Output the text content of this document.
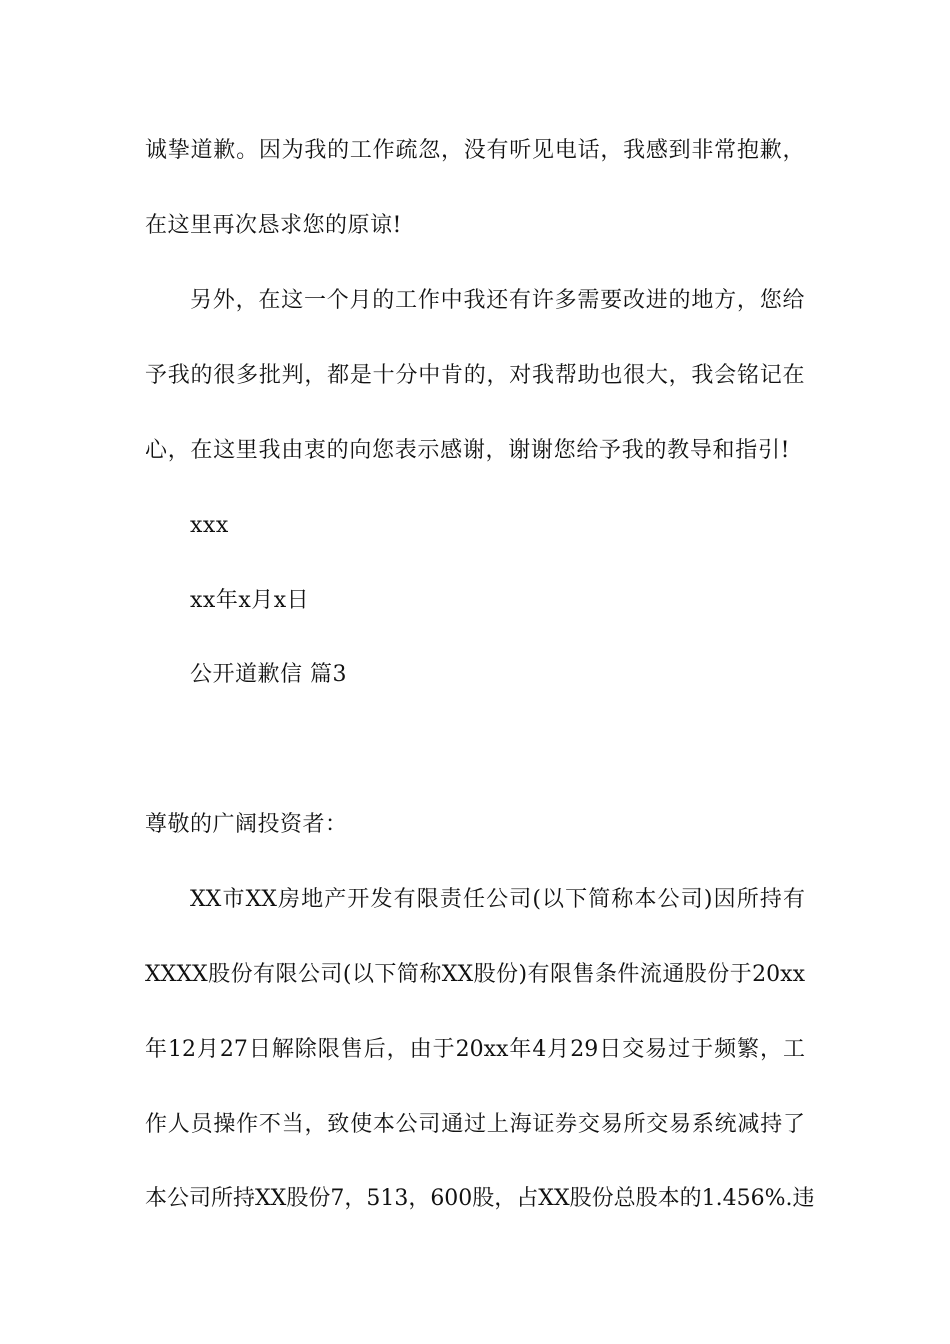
诚挚道歉。因为我的工作疏忽，没有听见电话，我感到非常抱歉，
在这里再次恳求您的原谅!
另外，在这一个月的工作中我还有许多需要改进的地方，您给
予我的很多批判，都是十分中肯的，对我帮助也很大，我会铭记在
心，在这里我由衷的向您表示感谢，谢谢您给予我的教导和指引!
xxx
xx年x月x日
公开道歉信 篇3
尊敬的广阔投资者：
XX市XX房地产开发有限责任公司(以下简称本公司)因所持有
XXXX股份有限公司(以下简称XX股份)有限售条件流通股份于20xx
年12月27日解除限售后，由于20xx年4月29日交易过于频繁，工
作人员操作不当，致使本公司通过上海证券交易所交易系统减持了
本公司所持XX股份7，513，600股，占XX股份总股本的1.456%.违
